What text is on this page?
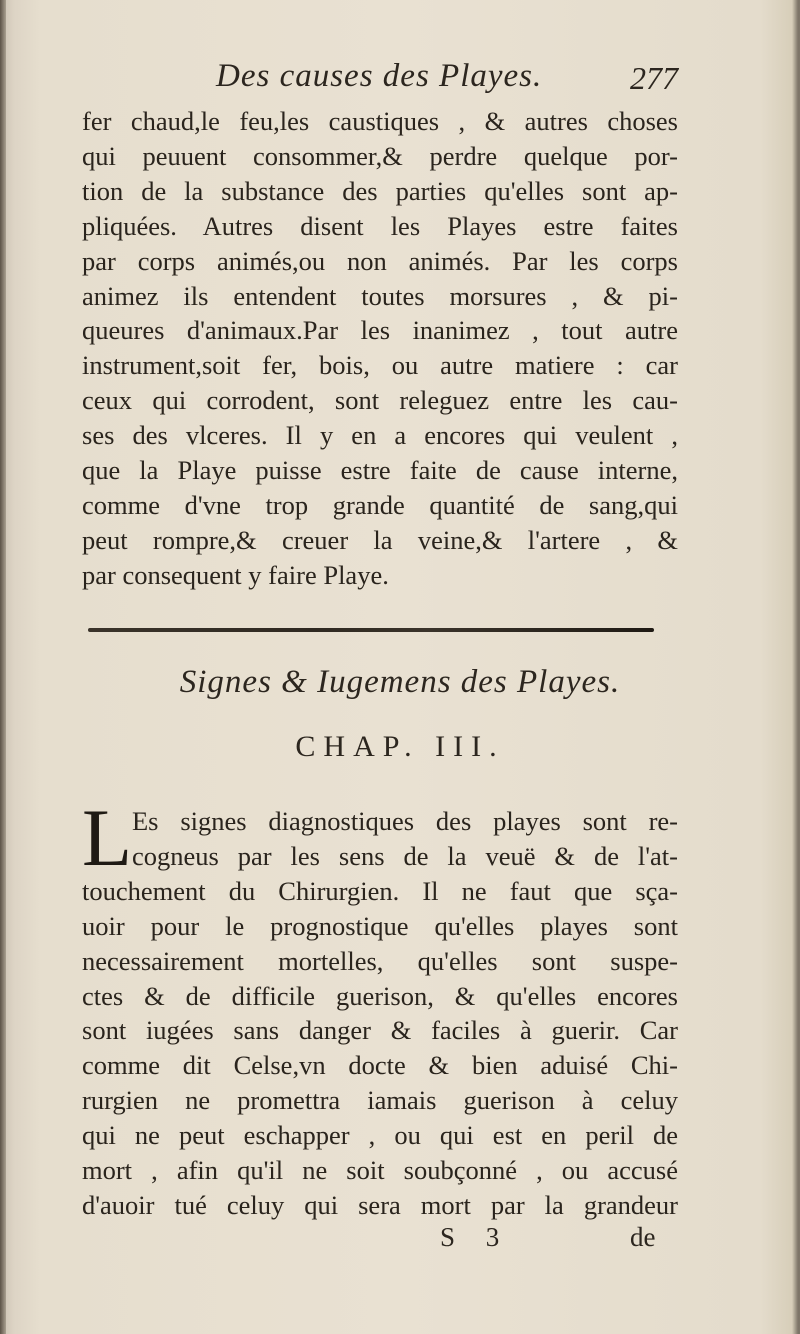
Des causes des Playes.	277
fer chaud,le feu,les caustiques , & autres choses
qui peuuent consommer,& perdre quelque por-
tion de la substance des parties qu'elles sont ap-
pliquées. Autres disent les Playes estre faites
par corps animés,ou non animés. Par les corps
animez ils entendent toutes morsures , & pi-
queures d'animaux.Par les inanimez , tout autre
instrument,soit fer, bois, ou autre matiere : car
ceux qui corrodent, sont releguez entre les cau-
ses des vlceres. Il y en a encores qui veulent ,
que la Playe puisse estre faite de cause interne,
comme d'vne trop grande quantité de sang,qui
peut rompre,& creuer la veine,& l'artere , &
par consequent y faire Playe.
Signes & Iugemens des Playes.
CHAP. III.
L Es signes diagnostiques des playes sont re-
cogneus par les sens de la veuë & de l'at-
touchement du Chirurgien. Il ne faut que sça-
uoir pour le prognostique qu'elles playes sont
necessairement mortelles, qu'elles sont suspe-
ctes & de difficile guerison, & qu'elles encores
sont iugées sans danger & faciles à guerir. Car
comme dit Celse,vn docte & bien aduisé Chi-
rurgien ne promettra iamais guerison à celuy
qui ne peut eschapper , ou qui est en peril de
mort , afin qu'il ne soit soubçonné , ou accusé
d'auoir tué celuy qui sera mort par la grandeur
S 3	de
